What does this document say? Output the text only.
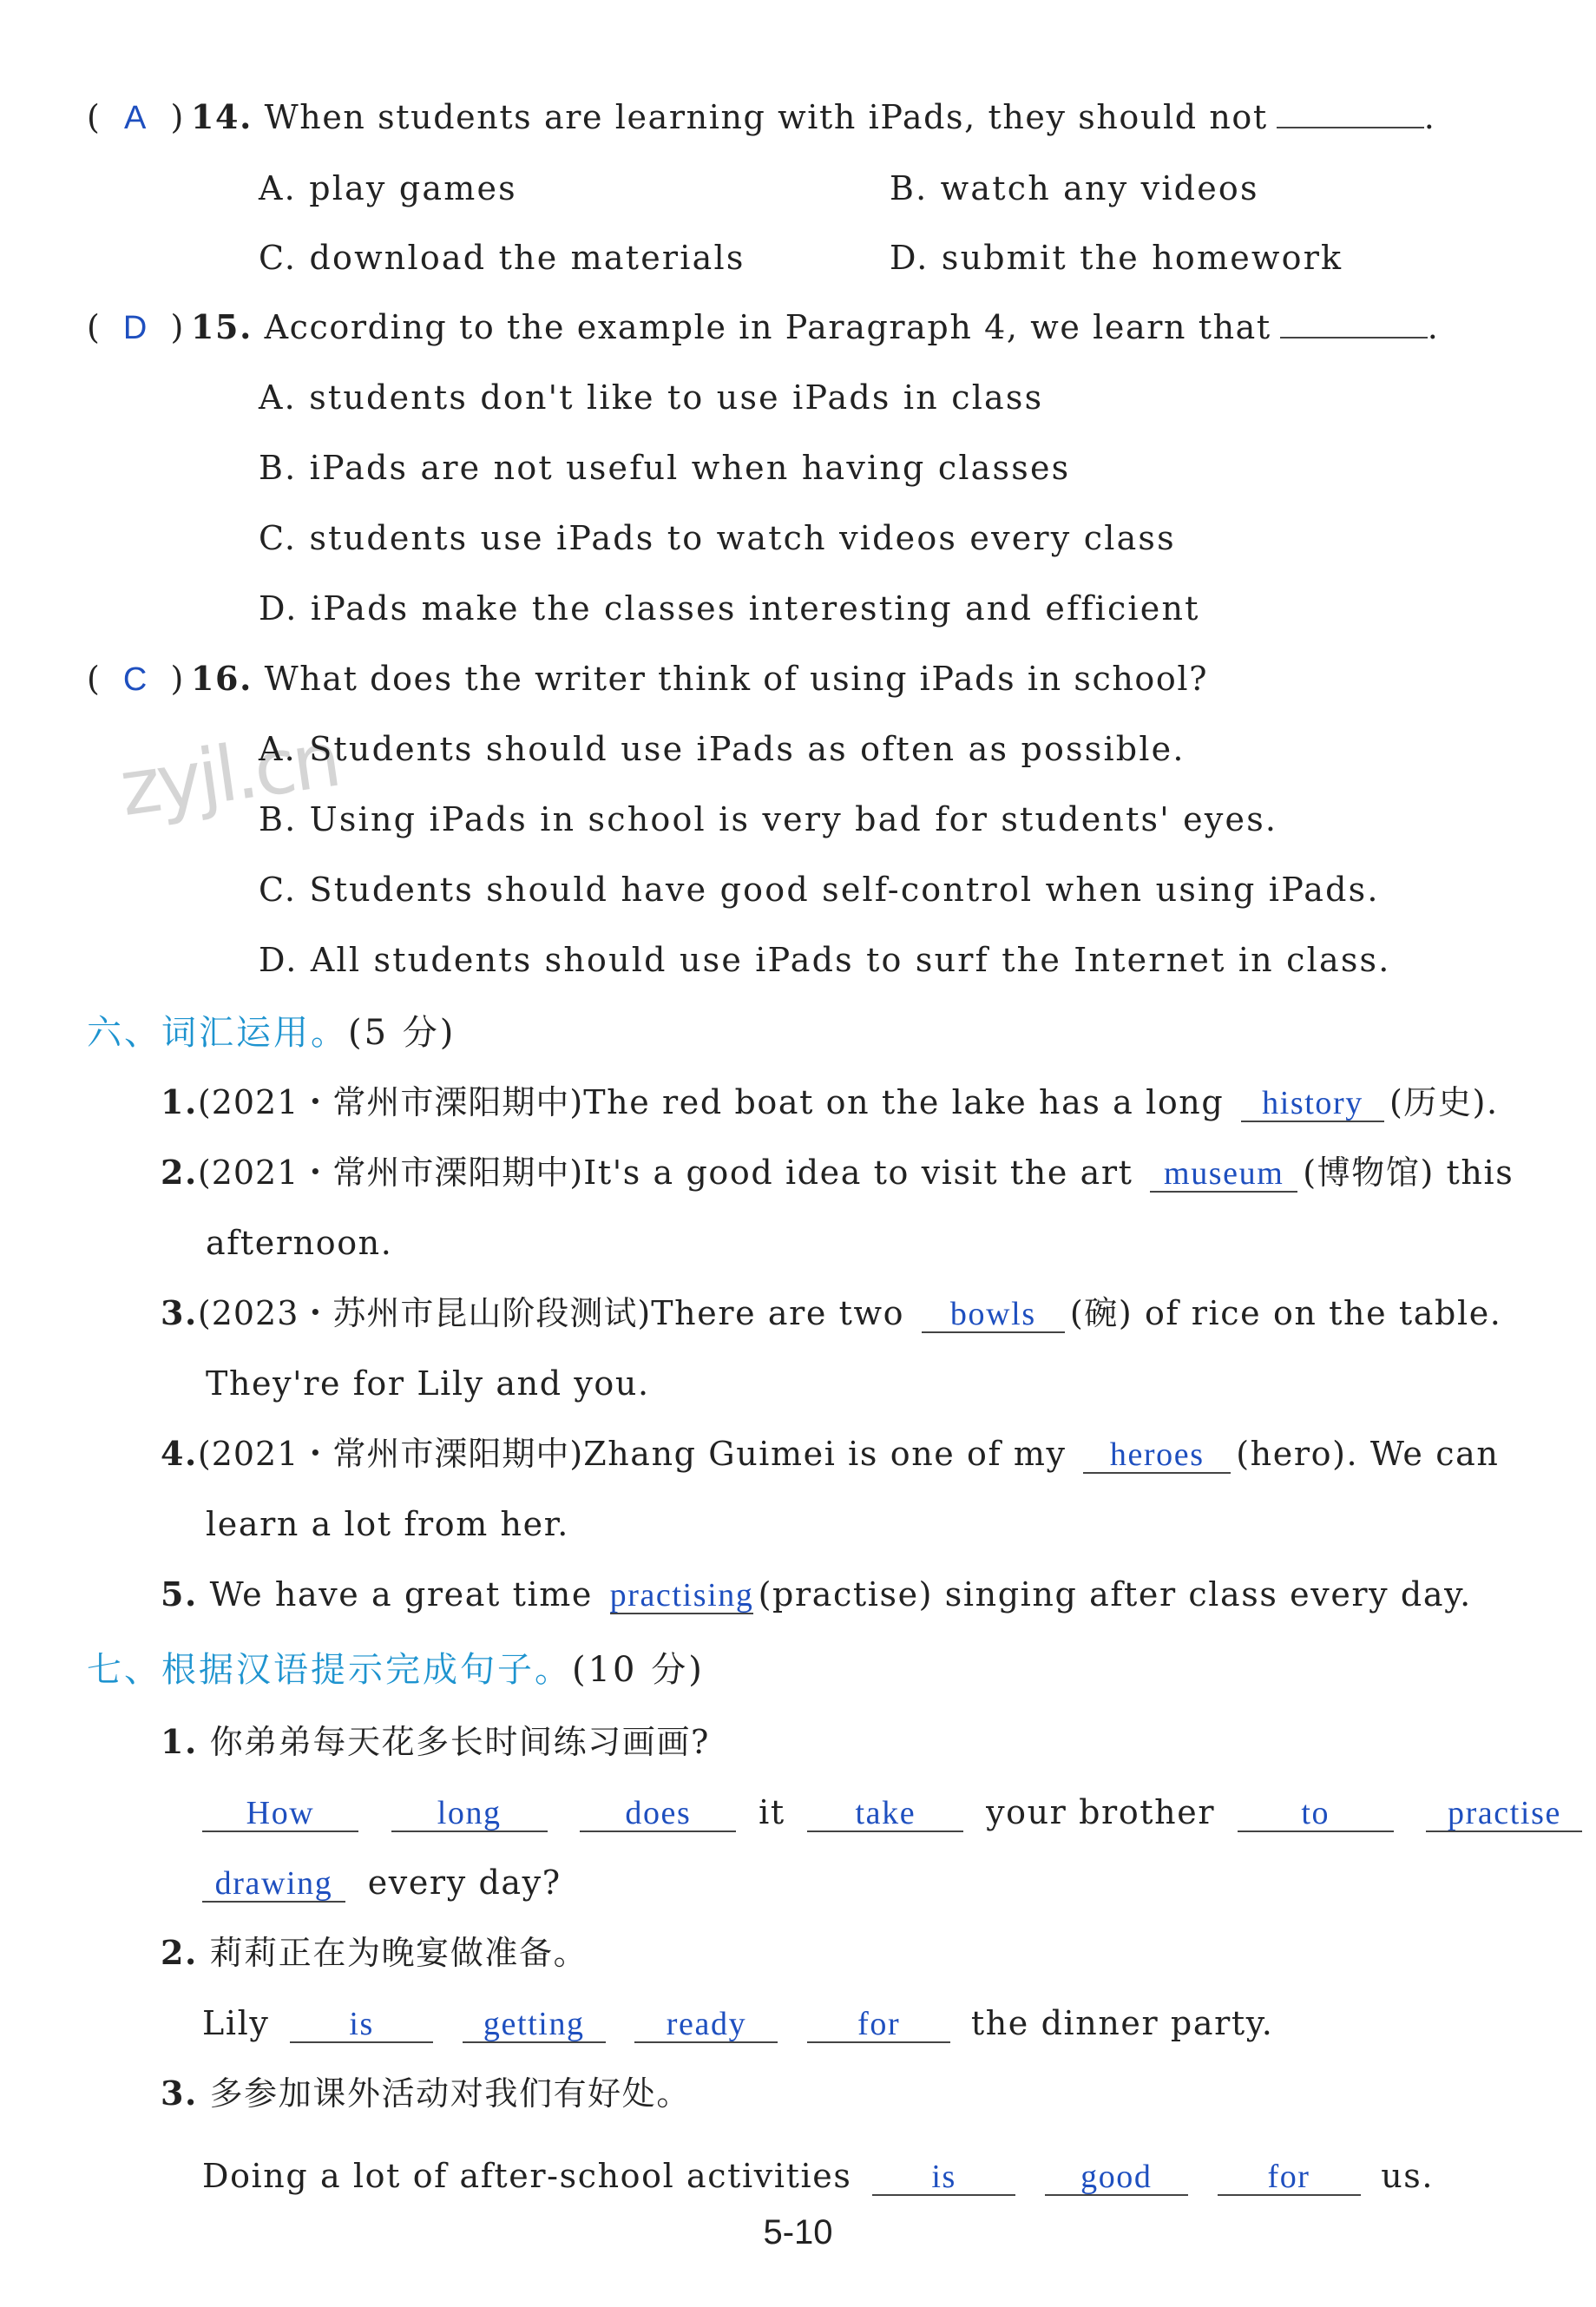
zyjl.cn
( A ) 14. When students are learning with iPads, they should not	.
A. play games	B. watch any videos
C. download the materials	D. submit the homework
( D ) 15. According to the example in Paragraph 4, we learn that	.
A. students don't like to use iPads in class
B. iPads are not useful when having classes
C. students use iPads to watch videos every class
D. iPads make the classes interesting and efficient
( C ) 16. What does the writer think of using iPads in school?
A. Students should use iPads as often as possible.
B. Using iPads in school is very bad for students' eyes.
C. Students should have good self-control when using iPads.
D. All students should use iPads to surf the Internet in class.
六、词汇运用。(5 分)
1.(2021・常州市溧阳期中)The red boat on the lake has a long history (历史).
2.(2021・常州市溧阳期中)It's a good idea to visit the art museum (博物馆) this
afternoon.
3.(2023・苏州市昆山阶段测试)There are two bowls (碗) of rice on the table.
They're for Lily and you.
4.(2021・常州市溧阳期中)Zhang Guimei is one of my heroes (hero). We can
learn a lot from her.
5. We have a great time practising (practise) singing after class every day.
七、根据汉语提示完成句子。(10 分)
1. 你弟弟每天花多长时间练习画画?
How	long	does it take your brother	to	practise
drawing every day?
2. 莉莉正在为晚宴做准备。
Lily is	getting ready	for the dinner party.
3. 多参加课外活动对我们有好处。
Doing a lot of after-school activities is	good	for us.
5-10
